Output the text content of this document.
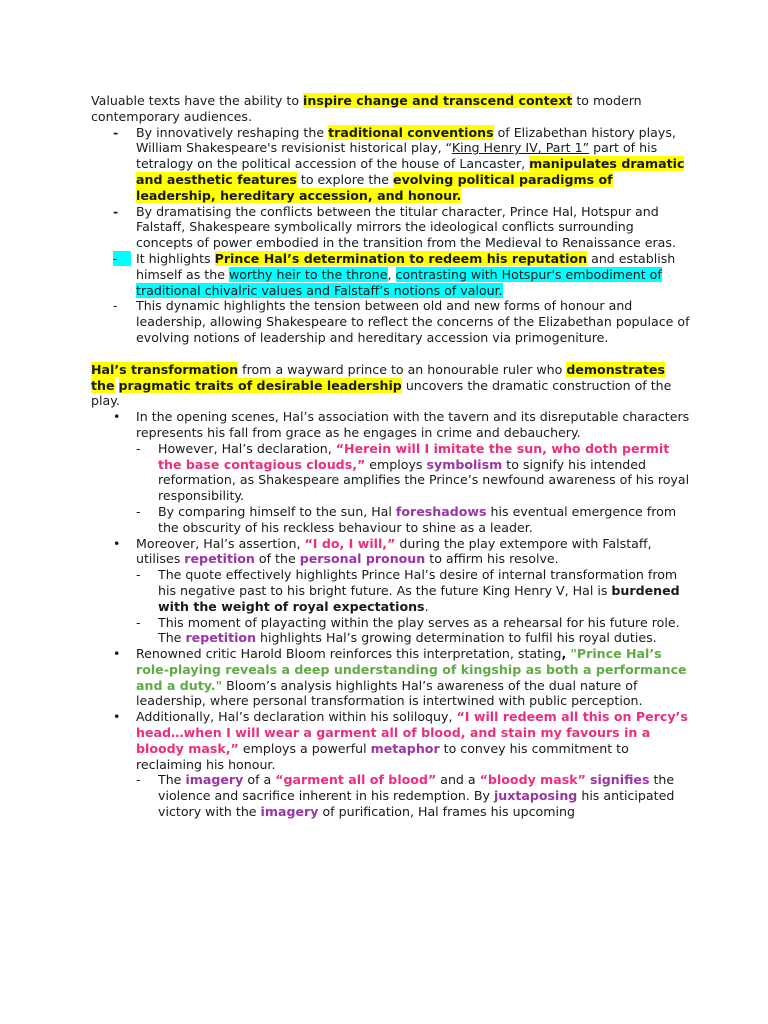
Valuable texts have the ability to inspire change and transcend context to modern contemporary audiences.

-	By innovatively reshaping the traditional conventions of Elizabethan history plays, William Shakespeare's revisionist historical play, “King Henry IV, Part 1” part of his tetralogy on the political accession of the house of Lancaster, manipulates dramatic and aesthetic features to explore the evolving political paradigms of leadership, hereditary accession, and honour.
-	By dramatising the conflicts between the titular character, Prince Hal, Hotspur and Falstaff, Shakespeare symbolically mirrors the ideological conflicts surrounding concepts of power embodied in the transition from the Medieval to Renaissance eras.
-	It highlights Prince Hal’s determination to redeem his reputation and establish himself as the worthy heir to the throne, contrasting with Hotspur's embodiment of traditional chivalric values and Falstaff’s notions of valour.
-	This dynamic highlights the tension between old and new forms of honour and leadership, allowing Shakespeare to reflect the concerns of the Elizabethan populace of evolving notions of leadership and hereditary accession via primogeniture.

Hal’s transformation from a wayward prince to an honourable ruler who demonstrates the pragmatic traits of desirable leadership uncovers the dramatic construction of the play.

•	In the opening scenes, Hal’s association with the tavern and its disreputable characters represents his fall from grace as he engages in crime and debauchery.
-	However, Hal’s declaration, “Herein will I imitate the sun, who doth permit the base contagious clouds,” employs symbolism to signify his intended reformation, as Shakespeare amplifies the Prince’s newfound awareness of his royal responsibility.
-	By comparing himself to the sun, Hal foreshadows his eventual emergence from the obscurity of his reckless behaviour to shine as a leader.
•	Moreover, Hal’s assertion, “I do, I will,” during the play extempore with Falstaff, utilises repetition of the personal pronoun to affirm his resolve.
-	The quote effectively highlights Prince Hal’s desire of internal transformation from his negative past to his bright future. As the future King Henry V, Hal is burdened with the weight of royal expectations.
-	This moment of playacting within the play serves as a rehearsal for his future role. The repetition highlights Hal’s growing determination to fulfil his royal duties.
•	Renowned critic Harold Bloom reinforces this interpretation, stating, "Prince Hal’s role-playing reveals a deep understanding of kingship as both a performance and a duty." Bloom’s analysis highlights Hal’s awareness of the dual nature of leadership, where personal transformation is intertwined with public perception.
•	Additionally, Hal’s declaration within his soliloquy, “I will redeem all this on Percy’s head…when I will wear a garment all of blood, and stain my favours in a bloody mask,” employs a powerful metaphor to convey his commitment to reclaiming his honour.
-	The imagery of a “garment all of blood” and a “bloody mask” signifies the violence and sacrifice inherent in his redemption. By juxtaposing his anticipated victory with the imagery of purification, Hal frames his upcoming
